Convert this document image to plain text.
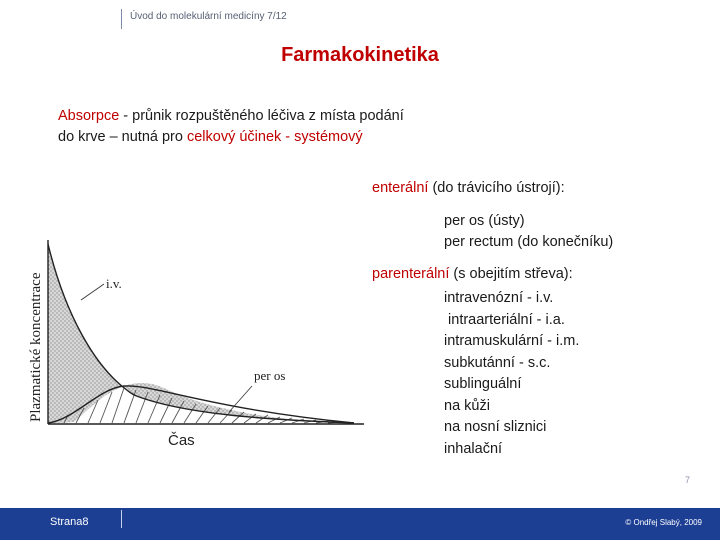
Úvod do molekulární medicíny 7/12
Farmakokinetika
Absorpce - průnik rozpuštěného léčiva z místa podání do krve – nutná pro celkový účinek - systémový
enterální (do trávicího ústrojí):
per os (ústy)
per rectum (do konečníku)
parenterální (s obejitím střeva):
intravenózní - i.v.
intraarteriální - i.a.
intramuskulární - i.m.
subkutánní - s.c.
sublinguální
na kůži
na nosní sliznici
inhalační
i.v.
per os
Čas
Plazmatické koncentrace
7
Strana8	© Ondřej Slabý, 2009
